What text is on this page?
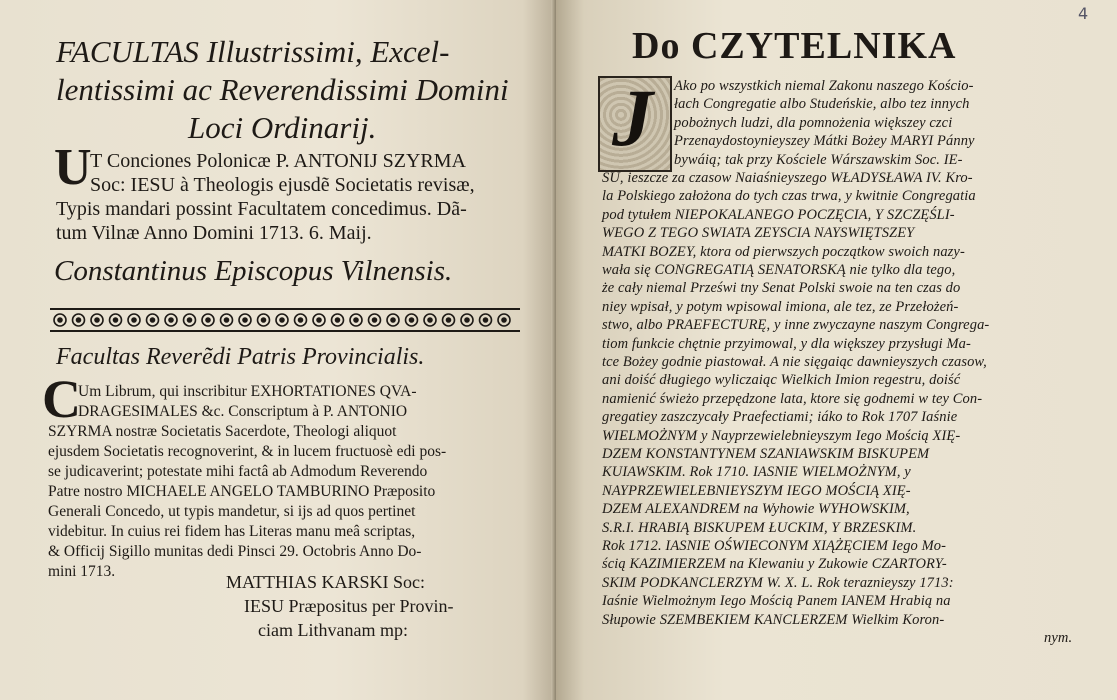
FACULTAS Illustrissimi, Excel-
lentissimi ac Reverendissimi Domini
Loci Ordinarij.
U
T Conciones Polonicæ P. ANTONIJ SZYRMA
Soc: IESU à Theologis ejusdẽ Societatis revisæ,
Typis mandari possint Facultatem concedimus. Dã-
tum Vilnæ Anno Domini 1713. 6. Maij.
Constantinus Episcopus Vilnensis.
Facultas Reverẽdi Patris Provincialis.
C
Um Librum, qui inscribitur EXHORTATIONES QVA-
DRAGESIMALES &c. Conscriptum à P. ANTONIO
SZYRMA nostræ Societatis Sacerdote, Theologi aliquot
ejusdem Societatis recognoverint, & in lucem fructuosè edi pos-
se judicaverint; potestate mihi factâ ab Admodum Reverendo
Patre nostro MICHAELE ANGELO TAMBURINO Præposito
Generali Concedo, ut typis mandetur, si ijs ad quos pertinet
videbitur. In cuius rei fidem has Literas manu meâ scriptas,
& Officij Sigillo munitas dedi Pinsci 29. Octobris Anno Do-
mini 1713.
MATTHIAS KARSKI Soc:
IESU Præpositus per Provin-
ciam Lithvanam mp:
4
Do CZYTELNIKA
J Ako po wszystkich niemal Zakonu naszego Kościo-
łach Congregatie albo Studeńskie, albo tez innych
pobożnych ludzi, dla pomnożenia większey czci
Przenaydostoynieyszey Mátki Bożey MARYI Pánny
bywáią; tak przy Kościele Wárszawskim Soc. IE-
SU, ieszcze za czasow Naiaśnieyszego WŁADYSŁAWA IV. Kro-
la Polskiego założona do tych czas trwa, y kwitnie Congregatia
pod tytułem NIEPOKALANEGO POCZĘCIA, Y SZCZĘŚLI-
WEGO Z TEGO SWIATA ZEYSCIA NAYSWIĘTSZEY
MATKI BOZEY, ktora od pierwszych początkow swoich nazy-
wała się CONGREGATIĄ SENATORSKĄ nie tylko dla tego,
że cały niemal Prześwi tny Senat Polski swoie na ten czas do
niey wpisał, y potym wpisowal imiona, ale tez, ze Przełożeń-
stwo, albo PRAEFECTURĘ, y inne zwyczayne naszym Congrega-
tiom funkcie chętnie przyimowal, y dla większey przysługi Ma-
tce Bożey godnie piastował. A nie sięgaiąc dawnieyszych czasow,
ani doiść długiego wyliczaiąc Wielkich Imion regestru, doiść
namienić świeżo przepędzone lata, ktore się godnemi w tey Con-
gregatiey zaszczycały Praefectiami; iáko to Rok 1707 Iaśnie
WIELMOŻNYM y Nayprzewielebnieyszym Iego Mością XIĘ-
DZEM KONSTANTYNEM SZANIAWSKIM BISKUPEM
KUIAWSKIM. Rok 1710. IASNIE WIELMOŻNYM, y
NAYPRZEWIELEBNIEYSZYM IEGO MOŚCIĄ XIĘ-
DZEM ALEXANDREM na Wyhowie WYHOWSKIM,
S.R.I. HRABIĄ BISKUPEM ŁUCKIM, Y BRZESKIM.
Rok 1712. IASNIE OŚWIECONYM XIĄŻĘCIEM Iego Mo-
ścią KAZIMIERZEM na Klewaniu y Zukowie CZARTORY-
SKIM PODKANCLERZYM W. X. L. Rok teraznieyszy 1713:
Iaśnie Wielmożnym Iego Mością Panem IANEM Hrabią na
Słupowie SZEMBEKIEM KANCLERZEM Wielkim Koron-
nym.
